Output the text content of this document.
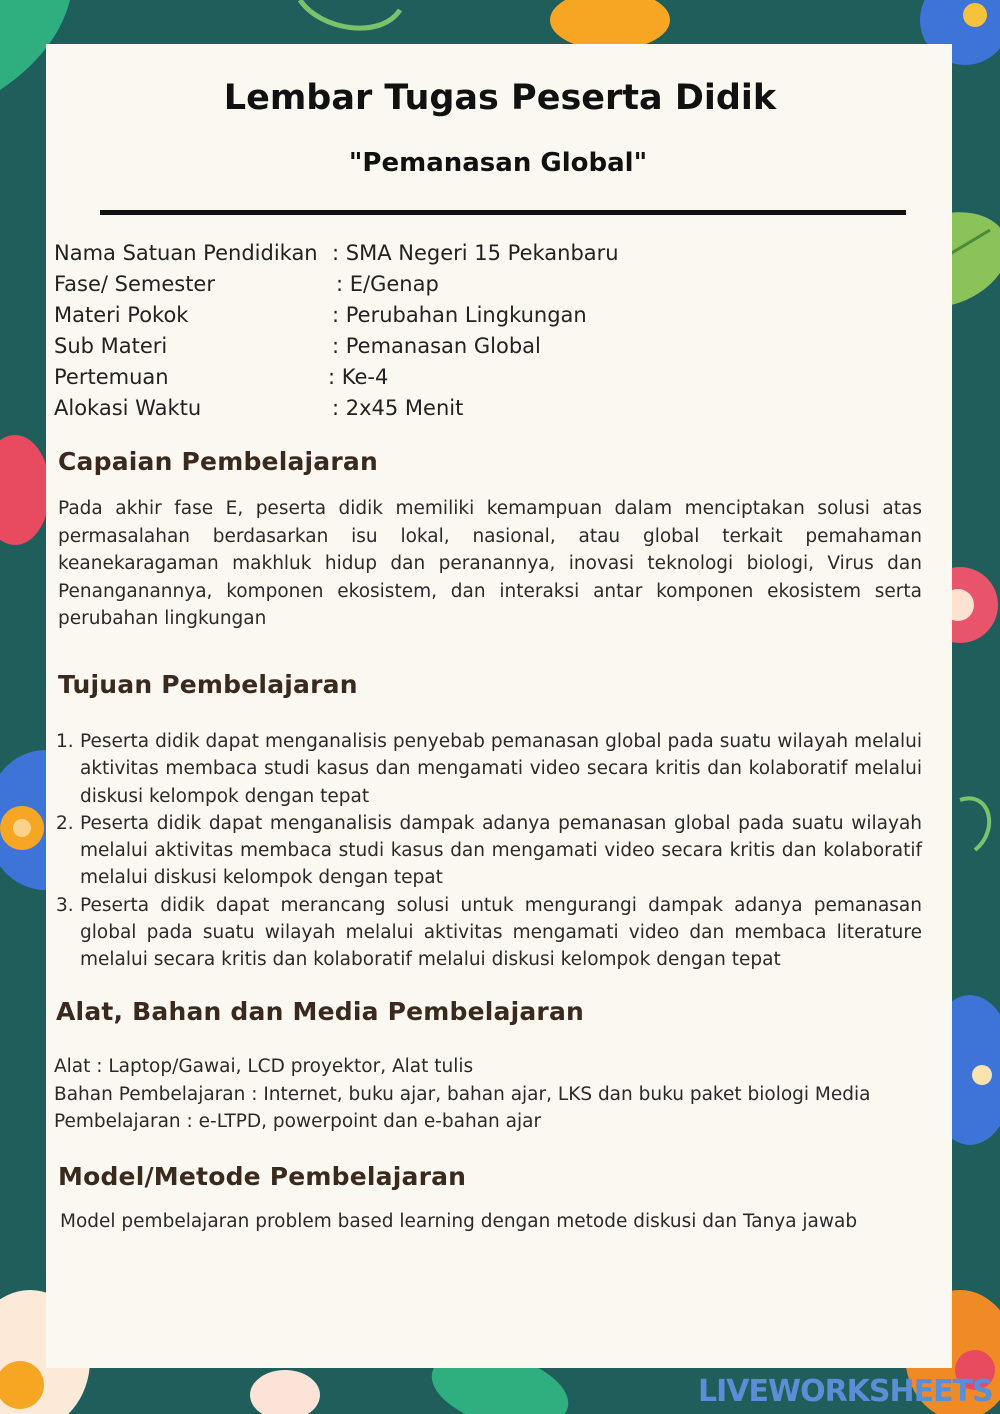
Lembar Tugas Peserta Didik
"Pemanasan Global"
Nama Satuan Pendidikan : SMA Negeri 15 Pekanbaru
Fase/ Semester	: E/Genap
Materi Pokok	: Perubahan Lingkungan
Sub Materi	: Pemanasan Global
Pertemuan	: Ke-4
Alokasi Waktu	: 2x45 Menit
Capaian Pembelajaran

Pada akhir fase E, peserta didik memiliki kemampuan dalam menciptakan solusi atas permasalahan berdasarkan isu lokal, nasional, atau global terkait pemahaman keanekaragaman makhluk hidup dan peranannya, inovasi teknologi biologi, Virus dan Penanganannya, komponen ekosistem, dan interaksi antar komponen ekosistem serta perubahan lingkungan

Tujuan Pembelajaran
1. Peserta didik dapat menganalisis penyebab pemanasan global pada suatu wilayah melalui aktivitas membaca studi kasus dan mengamati video secara kritis dan kolaboratif melalui diskusi kelompok dengan tepat
2. Peserta didik dapat menganalisis dampak adanya pemanasan global pada suatu wilayah melalui aktivitas membaca studi kasus dan mengamati video secara kritis dan kolaboratif melalui diskusi kelompok dengan tepat
3. Peserta didik dapat merancang solusi untuk mengurangi dampak adanya pemanasan global pada suatu wilayah melalui aktivitas mengamati video dan membaca literature melalui secara kritis dan kolaboratif melalui diskusi kelompok dengan tepat
Alat, Bahan dan Media Pembelajaran
Alat : Laptop/Gawai, LCD proyektor, Alat tulis
Bahan Pembelajaran : Internet, buku ajar, bahan ajar, LKS dan buku paket biologi Media
Pembelajaran : e-LTPD, powerpoint dan e-bahan ajar
Model/Metode Pembelajaran
Model pembelajaran problem based learning dengan metode diskusi dan Tanya jawab
LIVEWORKSHEETS
